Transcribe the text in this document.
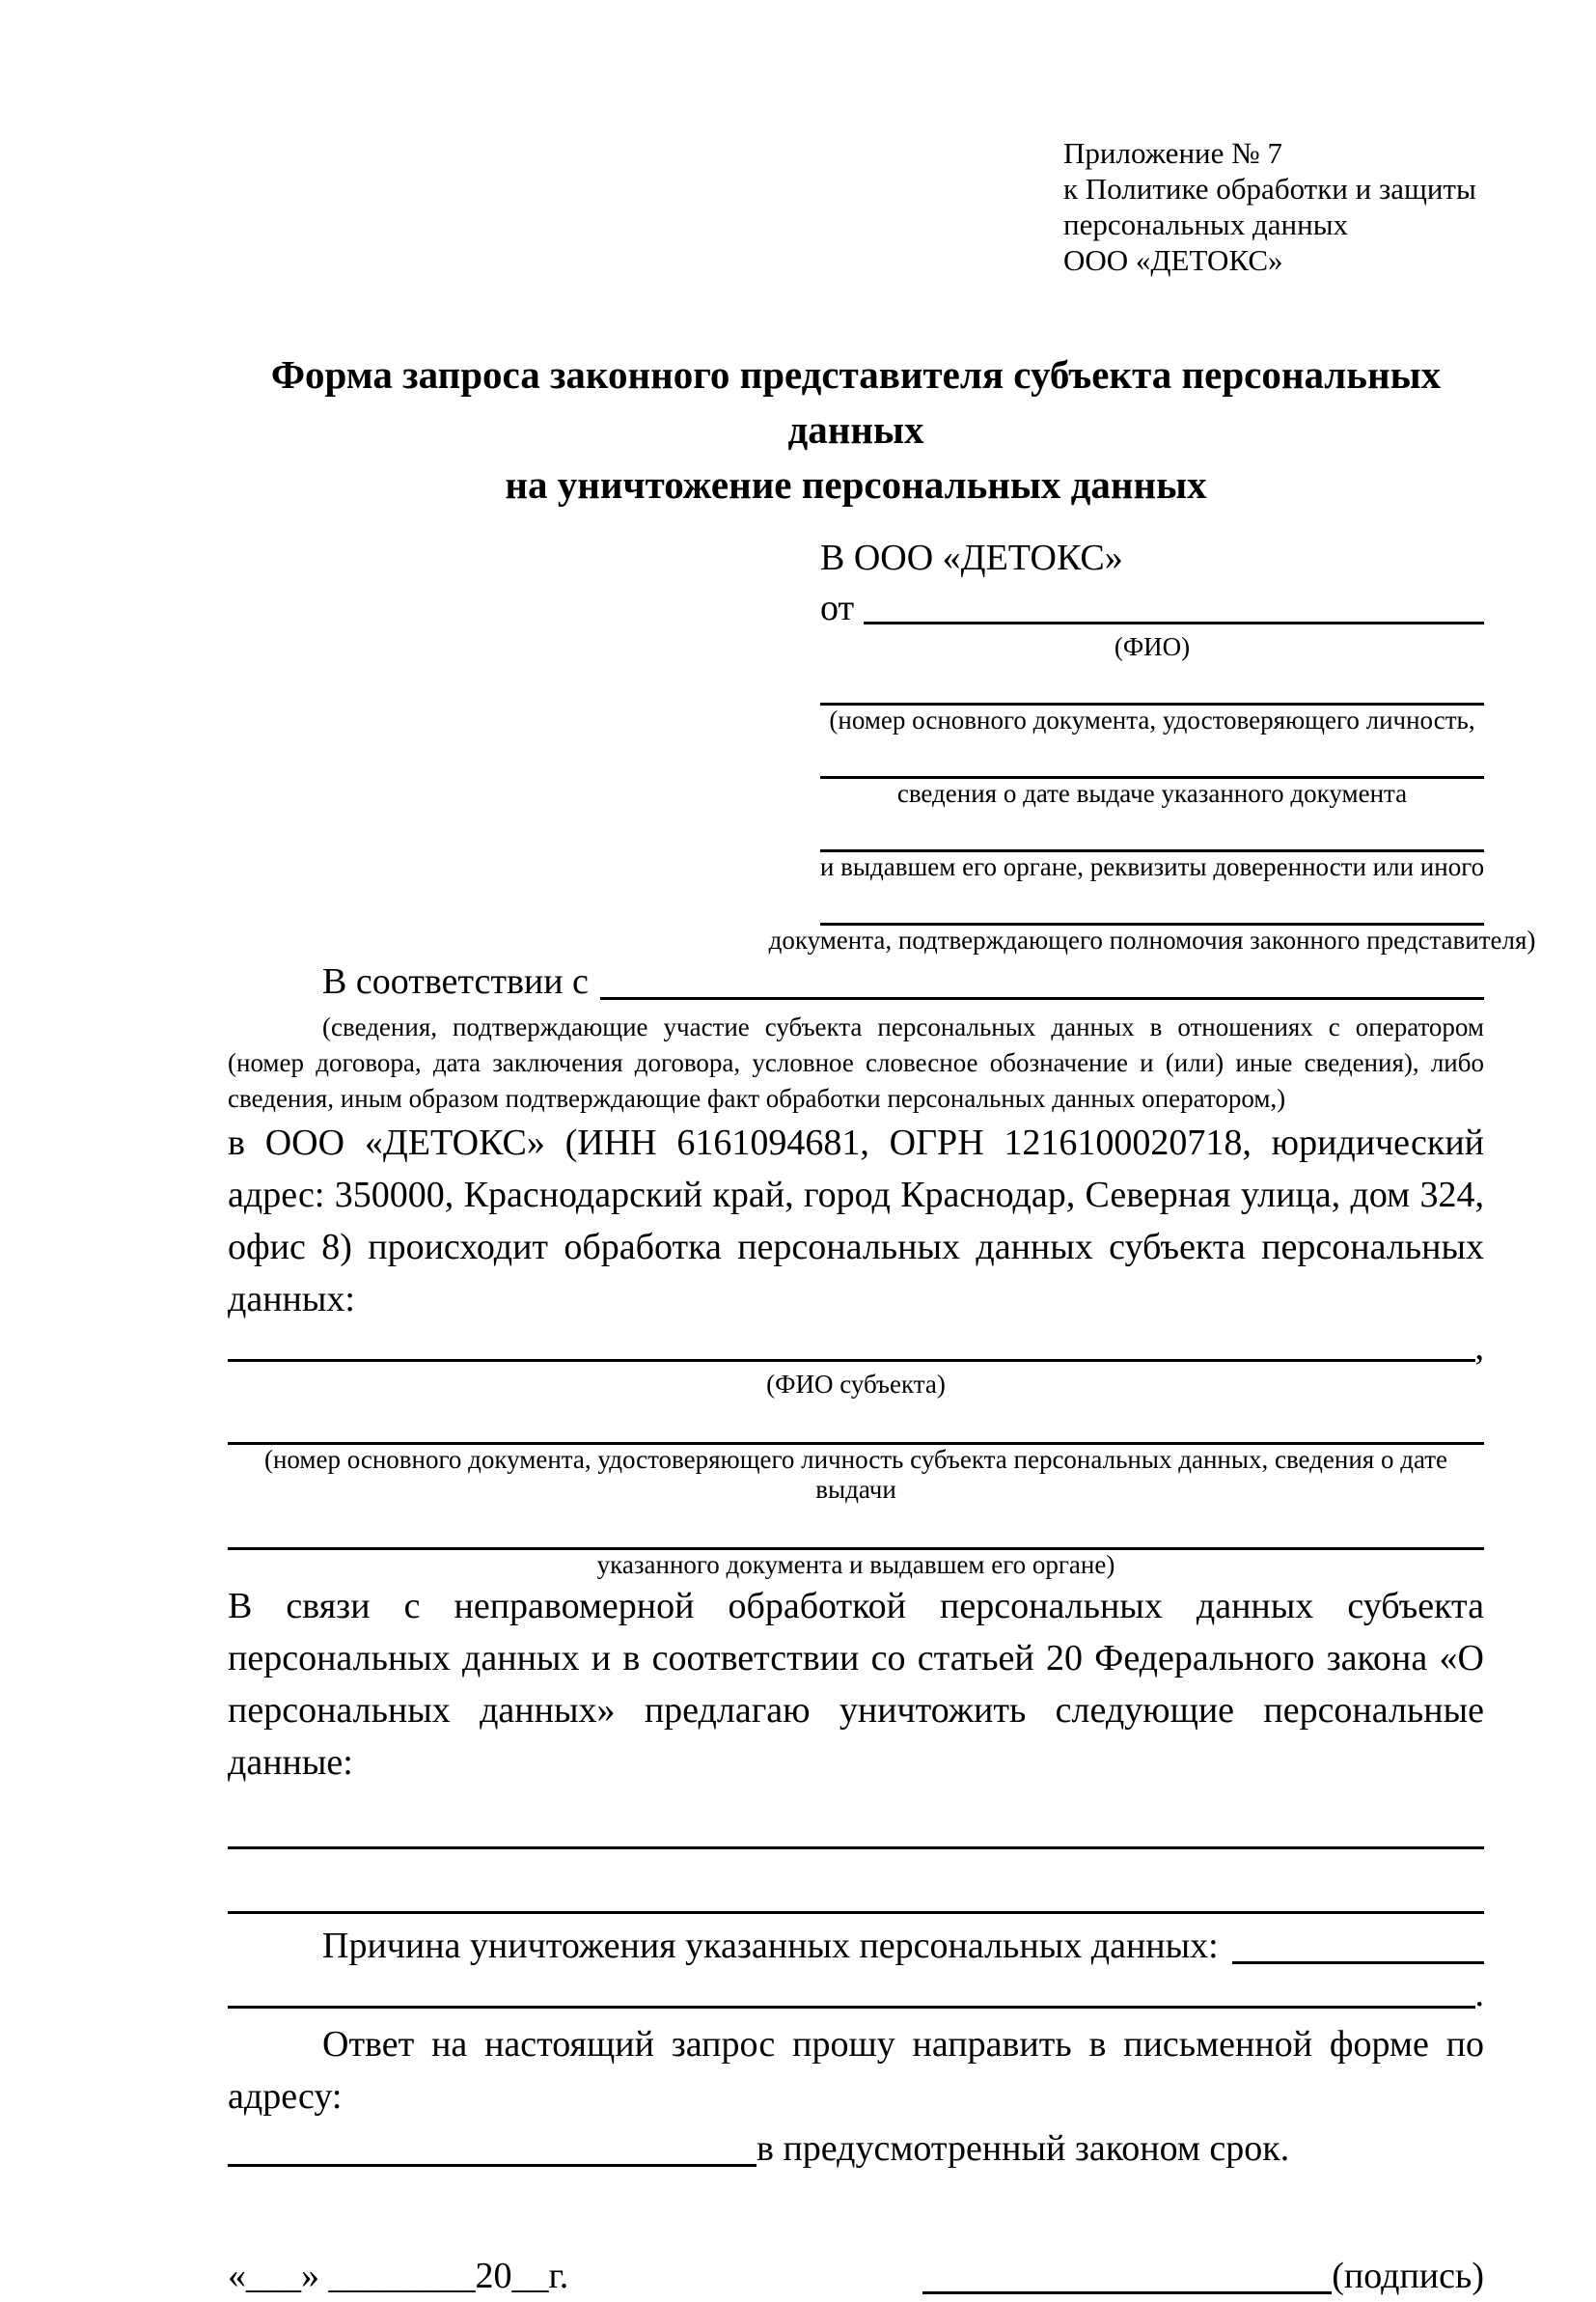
Приложение № 7
к Политике обработки и защиты
персональных данных
ООО «ДЕТОКС»
Форма запроса законного представителя субъекта персональных данных
на уничтожение персональных данных
В ООО «ДЕТОКС»
от
(ФИО)
(номер основного документа, удостоверяющего личность,
сведения о дате выдаче указанного документа
и выдавшем его органе, реквизиты доверенности или иного
документа, подтверждающего полномочия законного представителя)
В соответствии с
(сведения, подтверждающие участие субъекта персональных данных в отношениях с оператором (номер договора, дата заключения договора, условное словесное обозначение и (или) иные сведения), либо сведения, иным образом подтверждающие факт обработки персональных данных оператором,)
в ООО «ДЕТОКС» (ИНН 6161094681, ОГРН 1216100020718, юридический адрес: 350000, Краснодарский край, город Краснодар, Северная улица, дом 324, офис 8) происходит обработка персональных данных субъекта персональных данных:
,
(ФИО субъекта)
(номер основного документа, удостоверяющего личность субъекта персональных данных, сведения о дате выдачи
указанного документа и выдавшем его органе)
В связи с неправомерной обработкой персональных данных субъекта персональных данных и в соответствии со статьей 20 Федерального закона «О персональных данных» предлагаю уничтожить следующие персональные данные:
Причина уничтожения указанных персональных данных:
.
Ответ на настоящий запрос прошу направить в письменной форме по адресу:
в предусмотренный законом срок.
«___» ________20__г.	(подпись)
